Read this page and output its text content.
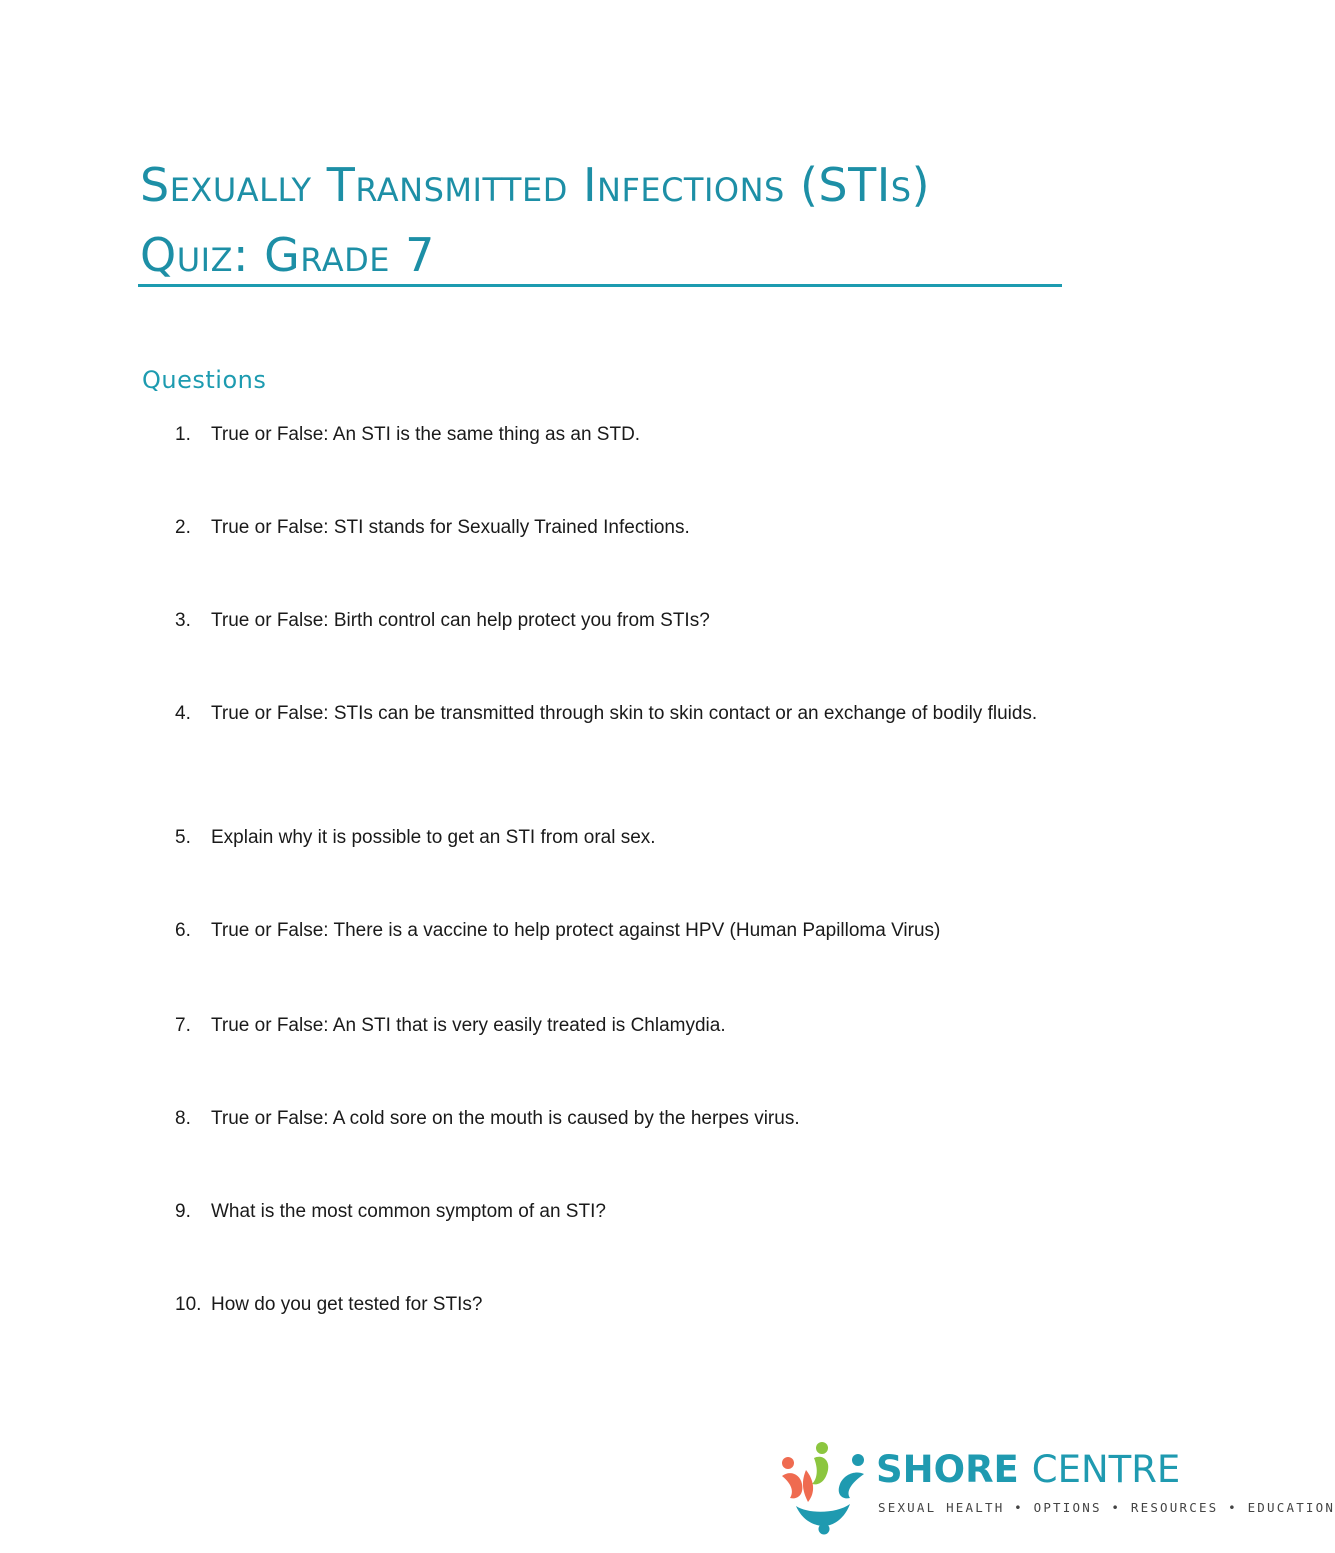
Sexually Transmitted Infections (STIs)
Quiz: Grade 7
Questions
1.	True or False: An STI is the same thing as an STD.
2.	True or False: STI stands for Sexually Trained Infections.
3.	True or False: Birth control can help protect you from STIs?
4.	True or False: STIs can be transmitted through skin to skin contact or an exchange of bodily fluids.
5.	Explain why it is possible to get an STI from oral sex.
6.	True or False: There is a vaccine to help protect against HPV (Human Papilloma Virus)
7.	True or False: An STI that is very easily treated is Chlamydia.
8.	True or False: A cold sore on the mouth is caused by the herpes virus.
9.	What is the most common symptom of an STI?
10. How do you get tested for STIs?
SHORE CENTRE
SEXUAL HEALTH • OPTIONS • RESOURCES • EDUCATION
